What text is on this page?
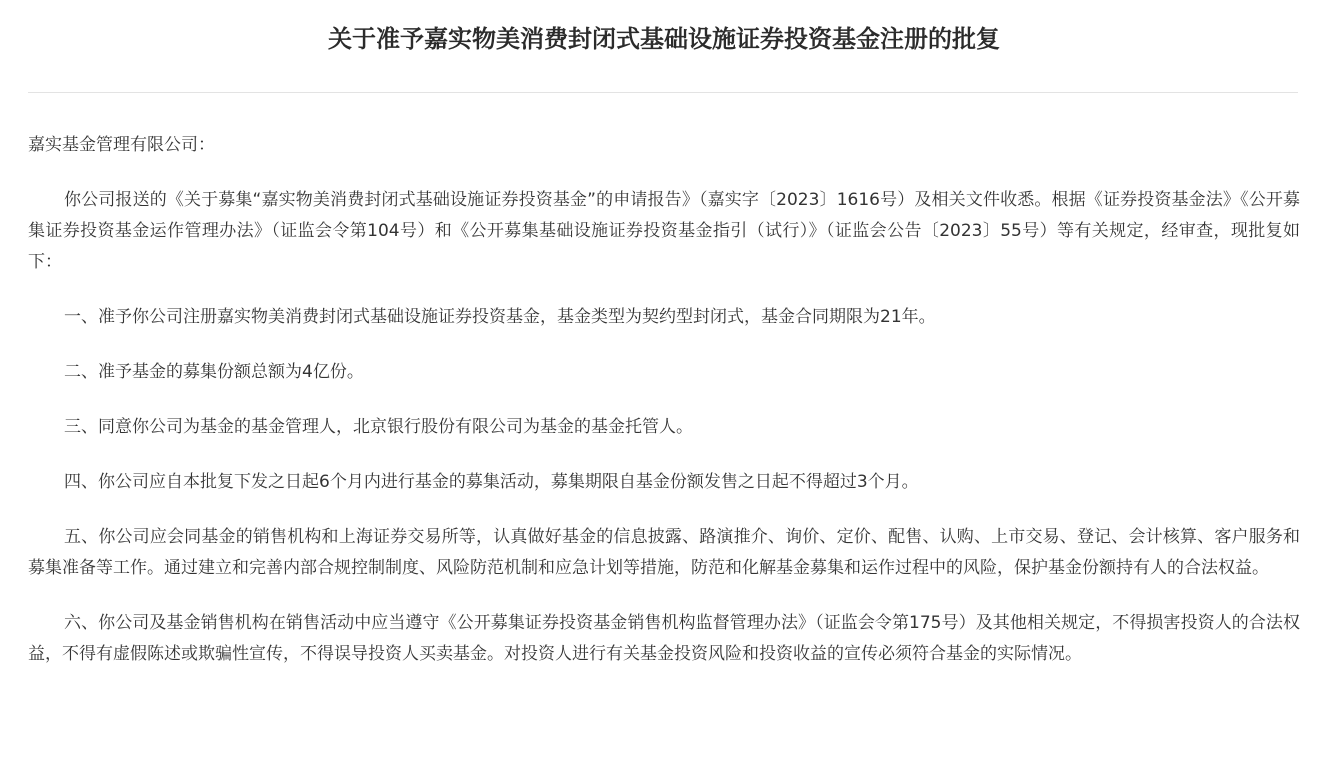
关于准予嘉实物美消费封闭式基础设施证券投资基金注册的批复

嘉实基金管理有限公司：

你公司报送的《关于募集“嘉实物美消费封闭式基础设施证券投资基金”的申请报告》（嘉实字〔2023〕1616号）及相关文件收悉。根据《证券投资基金法》《公开募集证券投资基金运作管理办法》（证监会令第104号）和《公开募集基础设施证券投资基金指引（试行）》（证监会公告〔2023〕55号）等有关规定，经审查，现批复如下：

一、准予你公司注册嘉实物美消费封闭式基础设施证券投资基金，基金类型为契约型封闭式，基金合同期限为21年。

二、准予基金的募集份额总额为4亿份。

三、同意你公司为基金的基金管理人，北京银行股份有限公司为基金的基金托管人。

四、你公司应自本批复下发之日起6个月内进行基金的募集活动，募集期限自基金份额发售之日起不得超过3个月。

五、你公司应会同基金的销售机构和上海证券交易所等，认真做好基金的信息披露、路演推介、询价、定价、配售、认购、上市交易、登记、会计核算、客户服务和募集准备等工作。通过建立和完善内部合规控制制度、风险防范机制和应急计划等措施，防范和化解基金募集和运作过程中的风险，保护基金份额持有人的合法权益。

六、你公司及基金销售机构在销售活动中应当遵守《公开募集证券投资基金销售机构监督管理办法》（证监会令第175号）及其他相关规定，不得损害投资人的合法权益，不得有虚假陈述或欺骗性宣传，不得误导投资人买卖基金。对投资人进行有关基金投资风险和投资收益的宣传必须符合基金的实际情况。
